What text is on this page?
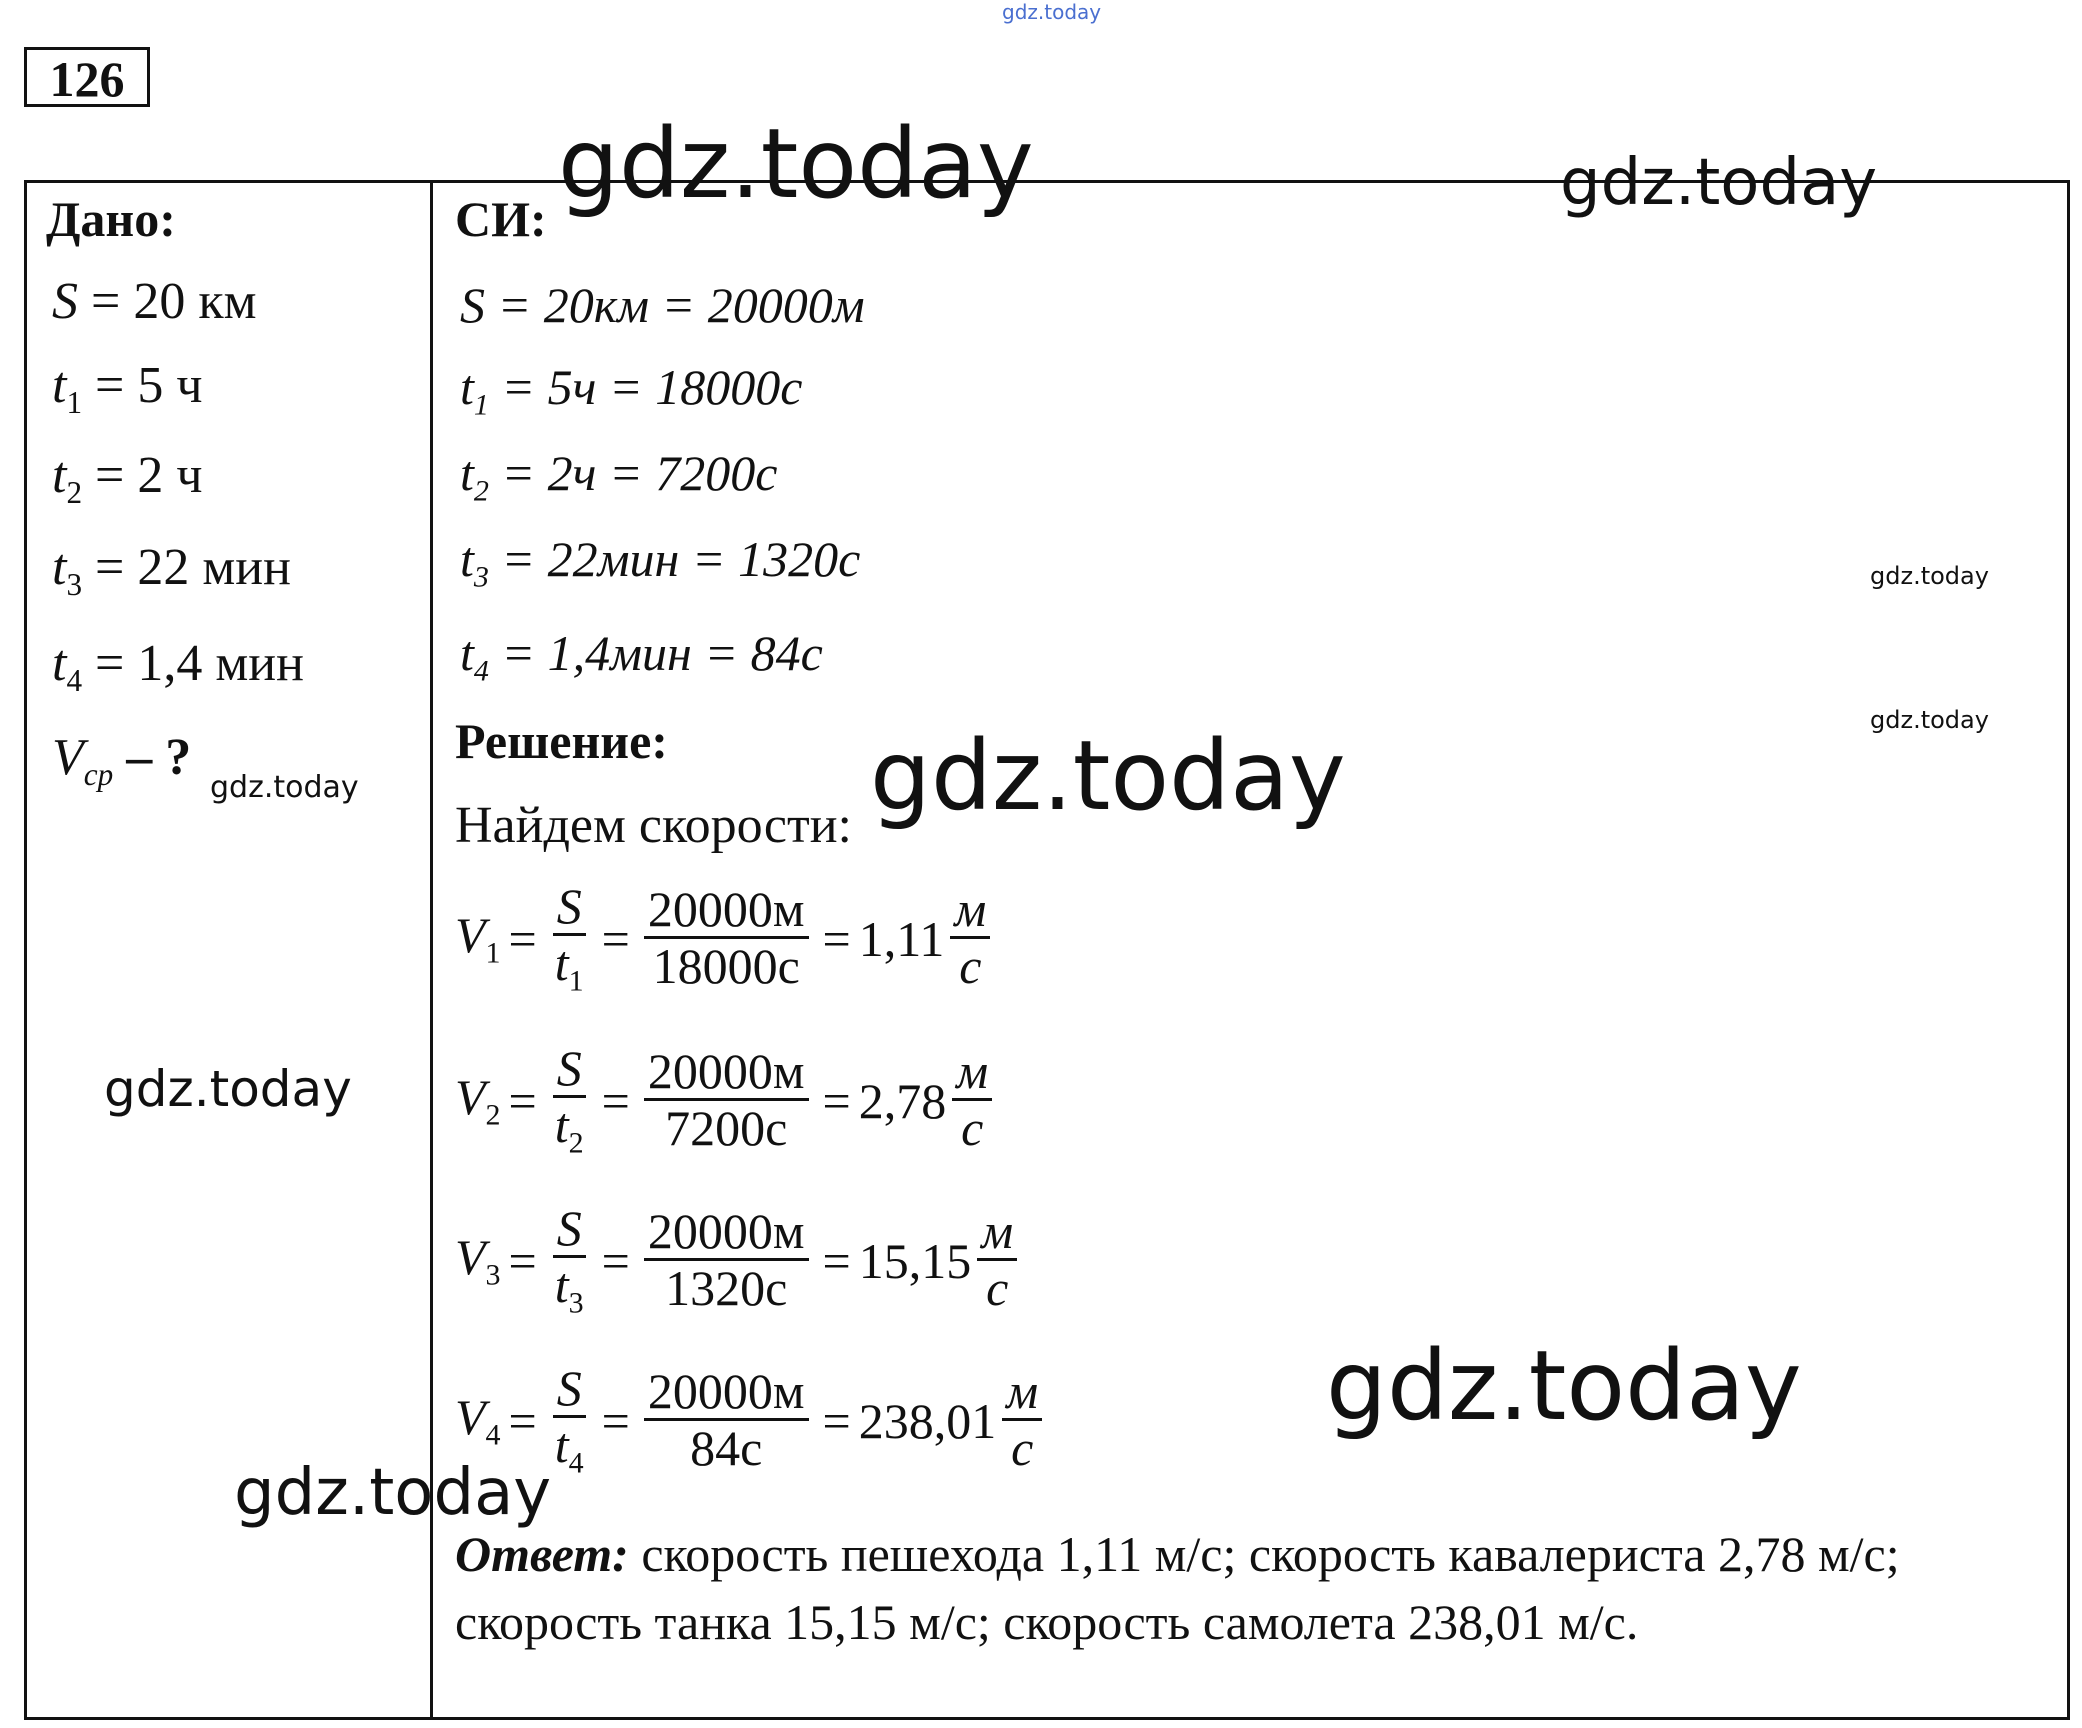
126
Дано:
S = 20 км
$t_1 = 5$ ч
$t_2 = 2$ ч
$t_3 = 22$ мин
$t_4 = 1,4$ мин
$V_{ср}$ – ?
СИ:
S = 20км = 20000м
$t_1 = 5ч = 18000с$
$t_2 = 2ч = 7200с$
$t_3 = 22мин = 1320с$
$t_4 = 1,4мин = 84с$
Решение:
Найдем скорости:
$V_1 = \frac{S}{t_1} = \frac{20000м}{18000с} = 1,11 \frac{м}{с}$
$V_2 = \frac{S}{t_2} = \frac{20000м}{7200с} = 2,78 \frac{м}{с}$
$V_3 = \frac{S}{t_3} = \frac{20000м}{1320с} = 15,15 \frac{м}{с}$
$V_4 = \frac{S}{t_4} = \frac{20000м}{84с} = 238,01 \frac{м}{с}$
Ответ: скорость пешехода 1,11 м/с; скорость кавалериста 2,78 м/с; скорость танка 15,15 м/с; скорость самолета 238,01 м/с.
gdz.today
gdz.today	gdz.today
gdz.today
gdz.today
gdz.today	gdz.today
gdz.today
gdz.today
gdz.today
